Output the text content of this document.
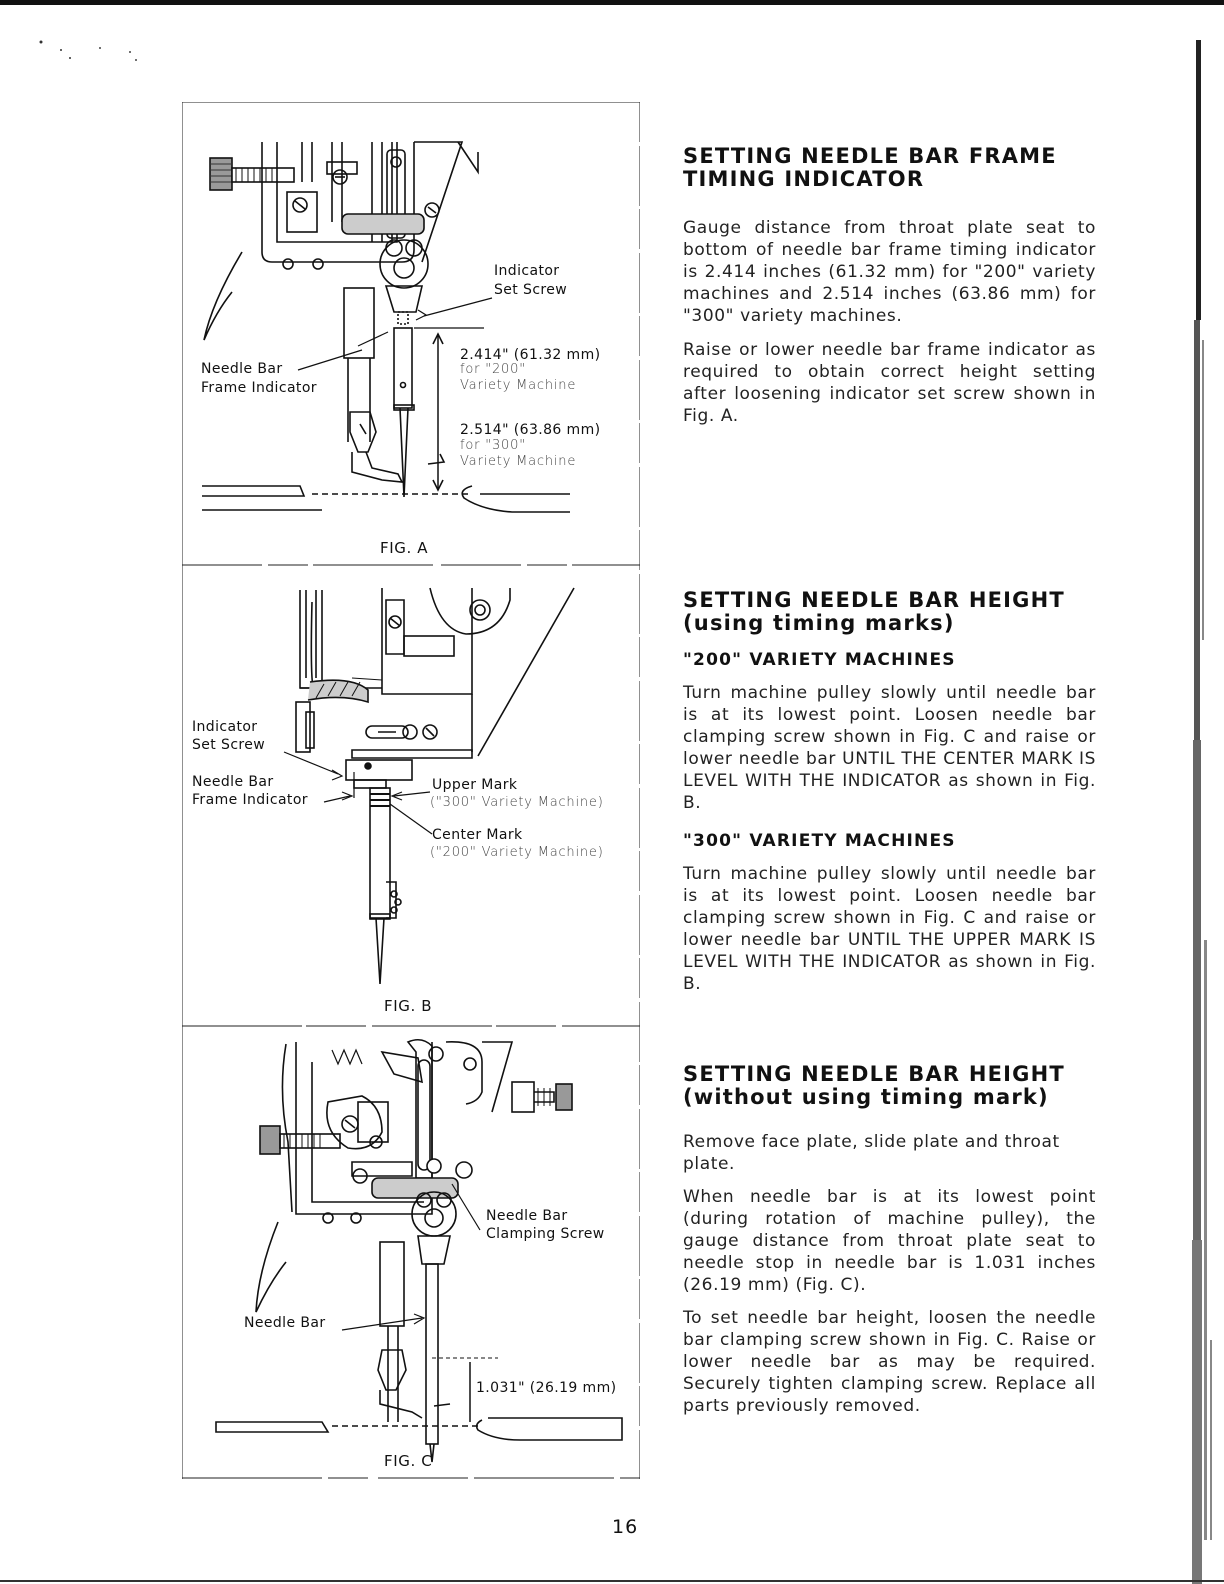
Indicator
Set Screw
Needle Bar
Frame Indicator
2.414" (61.32 mm)
for "200"
Variety Machine
2.514" (63.86 mm)
for "300"
Variety Machine
FIG. A
Indicator
Set Screw
Needle Bar
Frame Indicator
Upper Mark
("300" Variety Machine)
Center Mark
("200" Variety Machine)
FIG. B
Needle Bar
Clamping Screw
Needle Bar
1.031" (26.19 mm)
FIG. C
SETTING NEEDLE BAR FRAME
TIMING INDICATOR

Gauge distance from throat plate seat to bottom of needle bar frame timing indicator is 2.414 inches (61.32 mm) for "200" variety machines and 2.514 inches (63.86 mm) for "300" variety machines.

Raise or lower needle bar frame indicator as required to obtain correct height setting after loosening indicator set screw shown in Fig. A.

SETTING NEEDLE BAR HEIGHT
(using timing marks)
"200" VARIETY MACHINES

Turn machine pulley slowly until needle bar is at its lowest point. Loosen needle bar clamping screw shown in Fig. C and raise or lower needle bar UNTIL THE CENTER MARK IS LEVEL WITH THE INDICATOR as shown in Fig. B.

"300" VARIETY MACHINES

Turn machine pulley slowly until needle bar is at its lowest point. Loosen needle bar clamping screw shown in Fig. C and raise or lower needle bar UNTIL THE UPPER MARK IS LEVEL WITH THE INDICATOR as shown in Fig. B.

SETTING NEEDLE BAR HEIGHT
(without using timing mark)

Remove face plate, slide plate and throat plate.

When needle bar is at its lowest point (during rotation of machine pulley), the gauge distance from throat plate seat to needle stop in needle bar is 1.031 inches (26.19 mm) (Fig. C).

To set needle bar height, loosen the needle bar clamping screw shown in Fig. C. Raise or lower needle bar as may be required. Securely tighten clamping screw. Replace all parts previously removed.

16
